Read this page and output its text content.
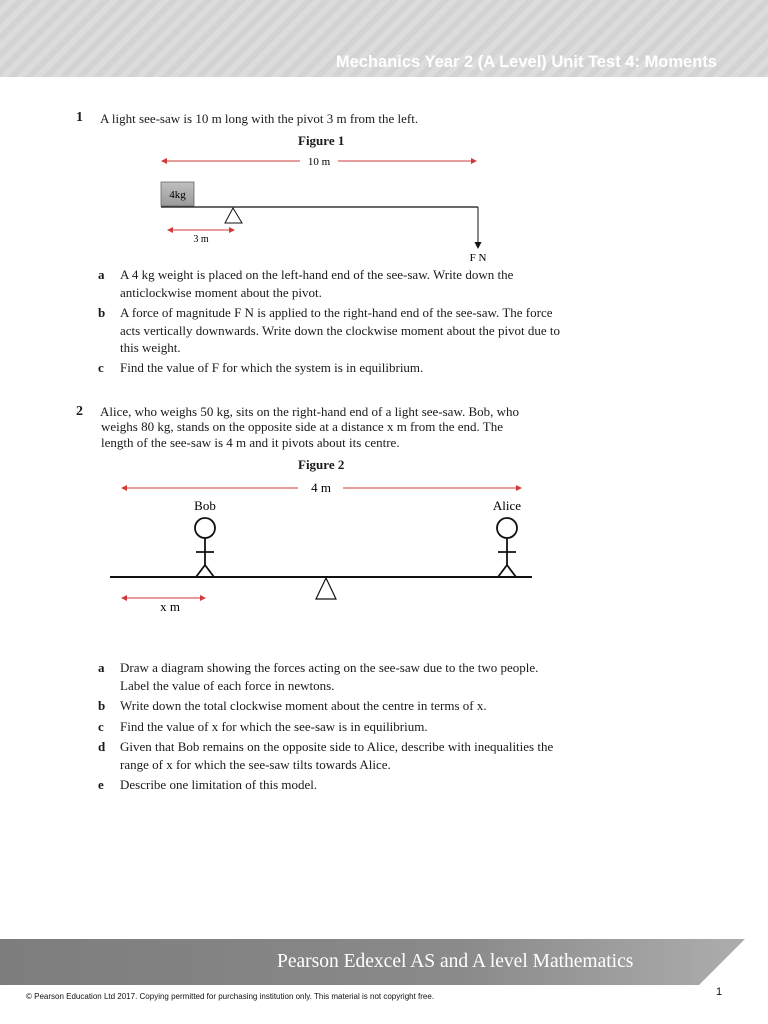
Mechanics Year 2 (A Level) Unit Test 4: Moments
1 A light see-saw is 10 m long with the pivot 3 m from the left.
Figure 1
10 m
4kg
3 m
F N
a A 4 kg weight is placed on the left-hand end of the see-saw. Write down the anticlockwise moment about the pivot.
b A force of magnitude F N is applied to the right-hand end of the see-saw. The force acts vertically downwards. Write down the clockwise moment about the pivot due to this weight.
c Find the value of F for which the system is in equilibrium.
2 Alice, who weighs 50 kg, sits on the right-hand end of a light see-saw. Bob, who
weighs 80 kg, stands on the opposite side at a distance x m from the end. The
length of the see-saw is 4 m and it pivots about its centre.
Figure 2
4 m
Bob	Alice
x m
a Draw a diagram showing the forces acting on the see-saw due to the two people. Label the value of each force in newtons.
b Write down the total clockwise moment about the centre in terms of x.
c Find the value of x for which the see-saw is in equilibrium.
d Given that Bob remains on the opposite side to Alice, describe with inequalities the range of x for which the see-saw tilts towards Alice.
e Describe one limitation of this model.
Pearson Edexcel AS and A level Mathematics
© Pearson Education Ltd 2017. Copying permitted for purchasing institution only. This material is not copyright free.	1
